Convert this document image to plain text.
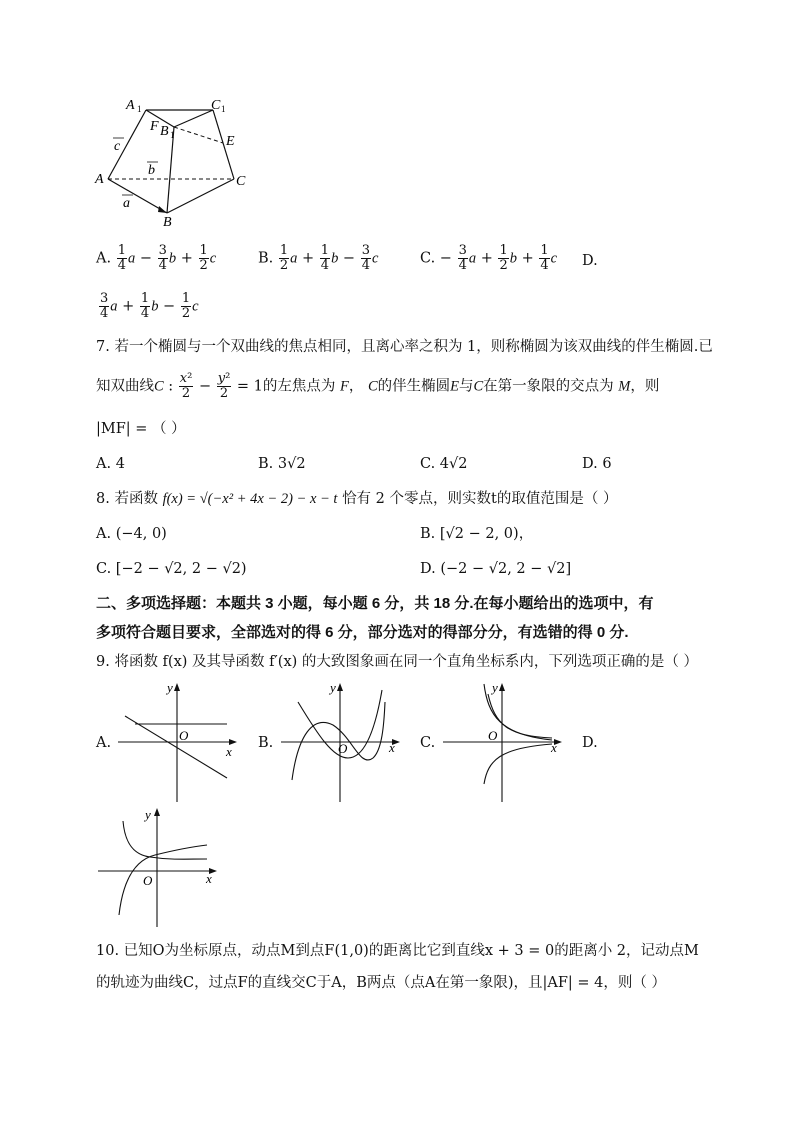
A 1	C 1
F B 1	E
A	C
B
a
b
c
A. $\frac{1}{4}$ $a - \frac{3}{4}$ $b + \frac{1}{2}$ c	B. $\frac{1}{2}$ $a + \frac{1}{4}$ $b - \frac{3}{4}$ c	C. − $\frac{3}{4}$ $a + \frac{1}{2}$ $b + \frac{1}{4}$ c D.
$\frac{3}{4}$ $a + \frac{1}{4}$ $b - \frac{1}{2}$ c
7. 若一个椭圆与一个双曲线的焦点相同，且离心率之积为 1，则称椭圆为该双曲线的伴生椭圆.已
知双曲线C : $\frac{\text{x²}}{2} - \frac{\text{y²}}{2} = 1$的左焦点为 F， C的伴生椭圆E与C在第一象限的交点为 M，则
|MF| = （ ）
A. 4	B. 3√2	C. 4√2	D. 6
8. 若函数 f(x) = √(−x² + 4x − 2) − x − t 恰有 2 个零点，则实数t的取值范围是（ ）
A. (−4, 0)	B. [√2 − 2, 0)，
C. [−2 − √2, 2 − √2)	D. (−2 − √2, 2 − √2]
二、多项选择题：本题共 3 小题，每小题 6 分，共 18 分.在每小题给出的选项中，有
多项符合题目要求，全部选对的得 6 分，部分选对的得部分分，有选错的得 0 分.
9. 将函数 f(x) 及其导函数 f′(x) 的大致图象画在同一个直角坐标系内，下列选项正确的是（ ）
A.	B.	C.	D.
x
y
O
x
y
O	x
y
O
x
y
O
10. 已知O为坐标原点，动点M到点F(1,0)的距离比它到直线x + 3 = 0的距离小 2，记动点M
的轨迹为曲线C，过点F的直线交C于A，B两点（点A在第一象限)，且|AF| = 4，则（ ）
